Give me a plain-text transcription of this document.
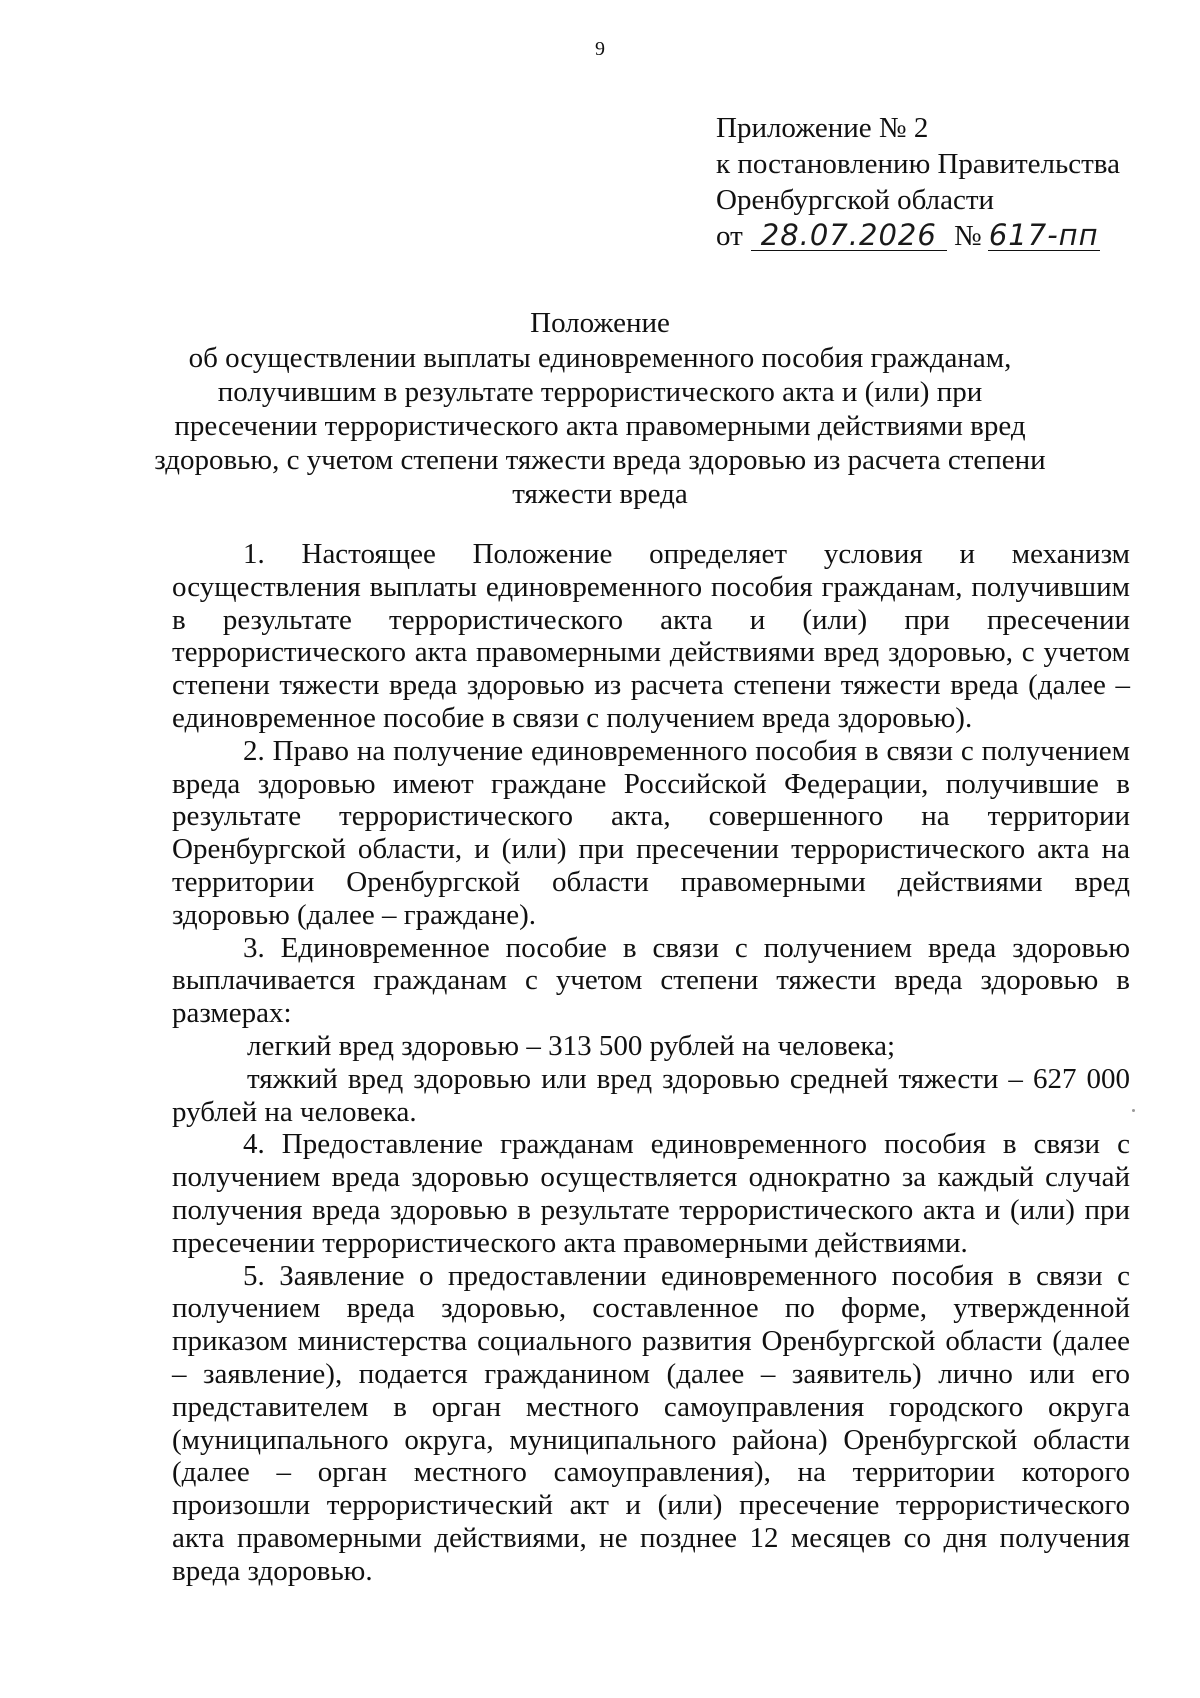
9
Приложение № 2
к постановлению Правительства
Оренбургской области
от 28.07.2026 № 617-пп
Положение
об осуществлении выплаты единовременного пособия гражданам, получившим в результате террористического акта и (или) при пресечении террористического акта правомерными действиями вред здоровью, с учетом степени тяжести вреда здоровью из расчета степени тяжести вреда

1. Настоящее Положение определяет условия и механизм осуществления выплаты единовременного пособия гражданам, получившим в результате террористического акта и (или) при пресечении террористического акта правомерными действиями вред здоровью, с учетом степени тяжести вреда здоровью из расчета степени тяжести вреда (далее – единовременное пособие в связи с получением вреда здоровью).

2. Право на получение единовременного пособия в связи с получением вреда здоровью имеют граждане Российской Федерации, получившие в результате террористического акта, совершенного на территории Оренбургской области, и (или) при пресечении террористического акта на территории Оренбургской области правомерными действиями вред здоровью (далее – граждане).

3. Единовременное пособие в связи с получением вреда здоровью выплачивается гражданам с учетом степени тяжести вреда здоровью в размерах:

легкий вред здоровью – 313 500 рублей на человека;

тяжкий вред здоровью или вред здоровью средней тяжести – 627 000 рублей на человека.

4. Предоставление гражданам единовременного пособия в связи с получением вреда здоровью осуществляется однократно за каждый случай получения вреда здоровью в результате террористического акта и (или) при пресечении террористического акта правомерными действиями.

5. Заявление о предоставлении единовременного пособия в связи с получением вреда здоровью, составленное по форме, утвержденной приказом министерства социального развития Оренбургской области (далее – заявление), подается гражданином (далее – заявитель) лично или его представителем в орган местного самоуправления городского округа (муниципального округа, муниципального района) Оренбургской области (далее – орган местного самоуправления), на территории которого произошли террористический акт и (или) пресечение террористического акта правомерными действиями, не позднее 12 месяцев со дня получения вреда здоровью.
